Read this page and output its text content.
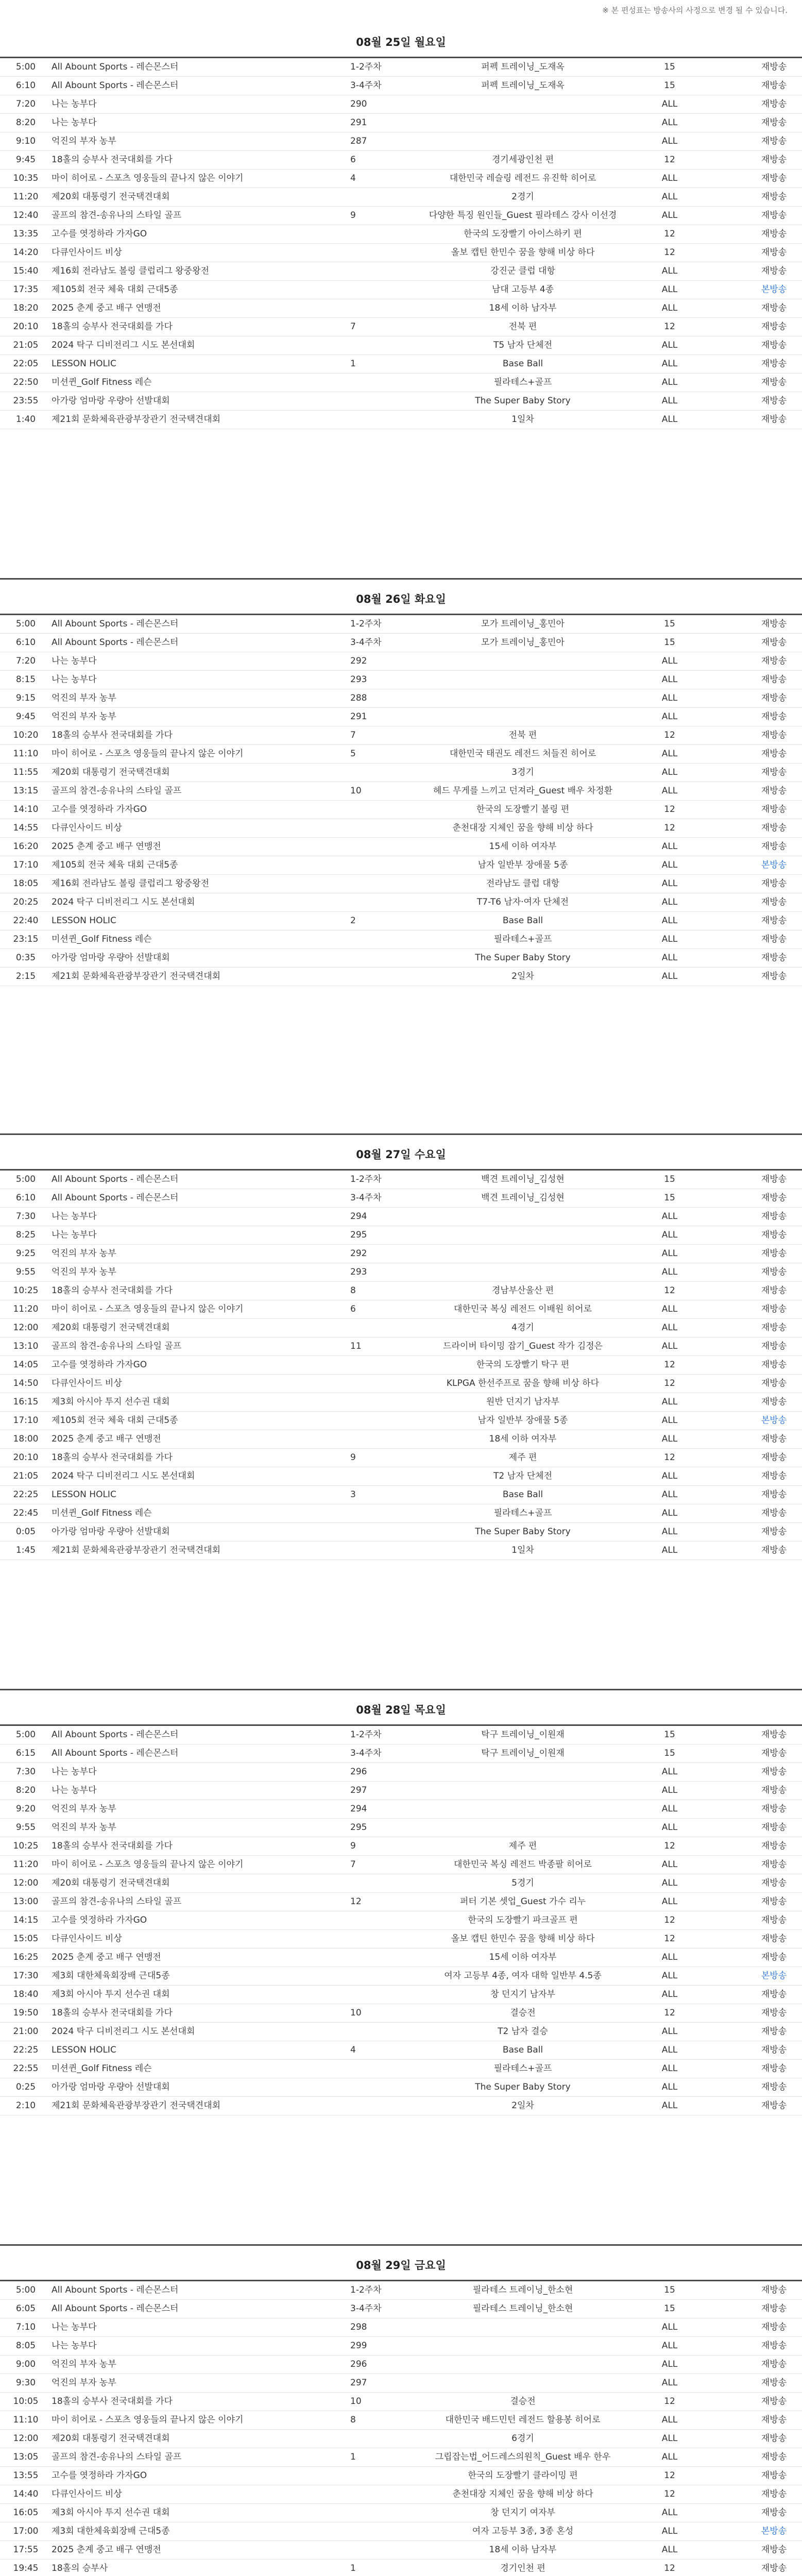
※ 본 편성표는 방송사의 사정으로 변경 될 수 있습니다.
08월 25일 월요일
5:00	All Abount Sports - 레슨몬스터	1-2주차	퍼펙 트레이닝_도재옥	15		재방송
6:10	All Abount Sports - 레슨몬스터	3-4주차	퍼펙 트레이닝_도재옥	15		재방송
7:20	나는 농부다	290		ALL		재방송
8:20	나는 농부다	291		ALL		재방송
9:10	억진의 부자 농부	287		ALL		재방송
9:45	18홀의 승부사 전국대회를 가다	6	경기세광인천 편	12		재방송
10:35	마이 히어로 - 스포츠 영웅들의 끝나지 않은 이야기	4	대한민국 레슬링 레전드 유진학 히어로	ALL		재방송
11:20	제20회 대통령기 전국택견대회		2경기	ALL		재방송
12:40	골프의 참견-송유나의 스타일 골프	9	다양한 특징 원인들_Guest 필라테스 강사 이선경	ALL		재방송
13:35	고수를 엿정하라 가자GO		한국의 도장빨기 아이스하키 편	12		재방송
14:20	다큐인사이드 비상		올보 캡틴 한민수 꿈을 향해 비상 하다	12		재방송
15:40	제16회 전라남도 볼링 클럽리그 왕중왕전		강진군 클럽 대항	ALL		재방송
17:35	제105회 전국 체육 대회 근대5종		남대 고등부 4종	ALL		본방송
18:20	2025 춘계 중고 배구 연맹전		18세 이하 남자부	ALL		재방송
20:10	18홀의 승부사 전국대회를 가다	7	전북 편	12		재방송
21:05	2024 탁구 디비전리그 시도 본선대회		T5 남자 단체전	ALL		재방송
22:05	LESSON HOLIC	1	Base Ball	ALL		재방송
22:50	미션퀸_Golf Fitness 레슨		필라테스+골프	ALL		재방송
23:55	아가랑 엄마랑 우량아 선발대회		The Super Baby Story	ALL		재방송
1:40	제21회 문화체육관광부장관기 전국택견대회		1일차	ALL		재방송
08월 26일 화요일
5:00	All Abount Sports - 레슨몬스터	1-2주차	모가 트레이닝_홍민아	15		재방송
6:10	All Abount Sports - 레슨몬스터	3-4주차	모가 트레이닝_홍민아	15		재방송
7:20	나는 농부다	292		ALL		재방송
8:15	나는 농부다	293		ALL		재방송
9:15	억진의 부자 농부	288		ALL		재방송
9:45	억진의 부자 농부	291		ALL		재방송
10:20	18홀의 승부사 전국대회를 가다	7	전북 편	12		재방송
11:10	마이 히어로 - 스포츠 영웅들의 끝나지 않은 이야기	5	대한민국 태권도 레전드 처들진 히어로	ALL		재방송
11:55	제20회 대통령기 전국택견대회		3경기	ALL		재방송
13:15	골프의 참견-송유나의 스타일 골프	10	헤드 무게를 느끼고 던져라_Guest 배우 차정환	ALL		재방송
14:10	고수를 엿정하라 가자GO		한국의 도장빨기 볼링 편	12		재방송
14:55	다큐인사이드 비상		춘천대장 지체인 꿈을 향해 비상 하다	12		재방송
16:20	2025 춘계 중고 배구 연맹전		15세 이하 여자부	ALL		재방송
17:10	제105회 전국 체육 대회 근대5종		남자 일반부 장애물 5종	ALL		본방송
18:05	제16회 전라남도 볼링 클럽리그 왕중왕전		전라남도 클럽 대항	ALL		재방송
20:25	2024 탁구 디비전리그 시도 본선대회		T7-T6 남자·여자 단체전	ALL		재방송
22:40	LESSON HOLIC	2	Base Ball	ALL		재방송
23:15	미션퀸_Golf Fitness 레슨		필라테스+골프	ALL		재방송
0:35	아가랑 엄마랑 우량아 선발대회		The Super Baby Story	ALL		재방송
2:15	제21회 문화체육관광부장관기 전국택견대회		2일차	ALL		재방송
08월 27일 수요일
5:00	All Abount Sports - 레슨몬스터	1-2주차	백견 트레이닝_김성현	15		재방송
6:10	All Abount Sports - 레슨몬스터	3-4주차	백견 트레이닝_김성현	15		재방송
7:30	나는 농부다	294		ALL		재방송
8:25	나는 농부다	295		ALL		재방송
9:25	억진의 부자 농부	292		ALL		재방송
9:55	억진의 부자 농부	293		ALL		재방송
10:25	18홀의 승부사 전국대회를 가다	8	경남부산울산 편	12		재방송
11:20	마이 히어로 - 스포츠 영웅들의 끝나지 않은 이야기	6	대한민국 복싱 레전드 이배원 히어로	ALL		재방송
12:00	제20회 대통령기 전국택견대회		4경기	ALL		재방송
13:10	골프의 참견-송유나의 스타일 골프	11	드라이버 타이밍 잡기_Guest 작가 김정은	ALL		재방송
14:05	고수를 엿정하라 가자GO		한국의 도장빨기 탁구 편	12		재방송
14:50	다큐인사이드 비상		KLPGA 한선주프로 꿈을 향해 비상 하다	12		재방송
16:15	제3회 아시아 투지 선수권 대회		원반 던지기 남자부	ALL		재방송
17:10	제105회 전국 체육 대회 근대5종		남자 일반부 장애물 5종	ALL		본방송
18:00	2025 춘계 중고 배구 연맹전		18세 이하 여자부	ALL		재방송
20:10	18홀의 승부사 전국대회를 가다	9	제주 편	12		재방송
21:05	2024 탁구 디비전리그 시도 본선대회		T2 남자 단체전	ALL		재방송
22:25	LESSON HOLIC	3	Base Ball	ALL		재방송
22:45	미션퀸_Golf Fitness 레슨		필라테스+골프	ALL		재방송
0:05	아가랑 엄마랑 우량아 선발대회		The Super Baby Story	ALL		재방송
1:45	제21회 문화체육관광부장관기 전국택견대회		1일차	ALL		재방송
08월 28일 목요일
5:00	All Abount Sports - 레슨몬스터	1-2주차	탁구 트레이닝_이원재	15		재방송
6:15	All Abount Sports - 레슨몬스터	3-4주차	탁구 트레이닝_이원재	15		재방송
7:30	나는 농부다	296		ALL		재방송
8:20	나는 농부다	297		ALL		재방송
9:20	억진의 부자 농부	294		ALL		재방송
9:55	억진의 부자 농부	295		ALL		재방송
10:25	18홀의 승부사 전국대회를 가다	9	제주 편	12		재방송
11:20	마이 히어로 - 스포츠 영웅들의 끝나지 않은 이야기	7	대한민국 복싱 레전드 박종팔 히어로	ALL		재방송
12:00	제20회 대통령기 전국택견대회		5경기	ALL		재방송
13:00	골프의 참견-송유나의 스타일 골프	12	퍼터 기본 셋업_Guest 가수 리누	ALL		재방송
14:15	고수를 엿정하라 가자GO		한국의 도장빨기 파크골프 편	12		재방송
15:05	다큐인사이드 비상		올보 캡틴 한민수 꿈을 향해 비상 하다	12		재방송
16:25	2025 춘계 중고 배구 연맹전		15세 이하 여자부	ALL		재방송
17:30	제3회 대한체육회장배 근대5종		여자 고등부 4종, 여자 대학 일반부 4.5종	ALL		본방송
18:40	제3회 아시아 투지 선수권 대회		창 던지기 남자부	ALL		재방송
19:50	18홀의 승부사 전국대회를 가다	10	결승전	12		재방송
21:00	2024 탁구 디비전리그 시도 본선대회		T2 남자 결승	ALL		재방송
22:25	LESSON HOLIC	4	Base Ball	ALL		재방송
22:55	미션퀸_Golf Fitness 레슨		필라테스+골프	ALL		재방송
0:25	아가랑 엄마랑 우량아 선발대회		The Super Baby Story	ALL		재방송
2:10	제21회 문화체육관광부장관기 전국택견대회		2일차	ALL		재방송
08월 29일 금요일
5:00	All Abount Sports - 레슨몬스터	1-2주차	필라테스 트레이닝_한소현	15		재방송
6:05	All Abount Sports - 레슨몬스터	3-4주차	필라테스 트레이닝_한소현	15		재방송
7:10	나는 농부다	298		ALL		재방송
8:05	나는 농부다	299		ALL		재방송
9:00	억진의 부자 농부	296		ALL		재방송
9:30	억진의 부자 농부	297		ALL		재방송
10:05	18홀의 승부사 전국대회를 가다	10	결승전	12		재방송
11:10	마이 히어로 - 스포츠 영웅들의 끝나지 않은 이야기	8	대한민국 배드민턴 레전드 할용봉 히어로	ALL		재방송
12:00	제20회 대통령기 전국택견대회		6경기	ALL		재방송
13:05	골프의 참견-송유나의 스타일 골프	1	그립잡는법_어드레스의원칙_Guest 배우 한우	ALL		재방송
13:55	고수를 엿정하라 가자GO		한국의 도장빨기 클라이밍 편	12		재방송
14:40	다큐인사이드 비상		춘천대장 지체인 꿈을 향해 비상 하다	12		재방송
16:05	제3회 아시아 투지 선수권 대회		창 던지기 여자부	ALL		재방송
17:00	제3회 대한체육회장배 근대5종		여자 고등부 3종, 3종 혼성	ALL		본방송
17:55	2025 춘계 중고 배구 연맹전		18세 이하 남자부	ALL		재방송
19:45	18홀의 승부사	1	경기인천 편	12		재방송
